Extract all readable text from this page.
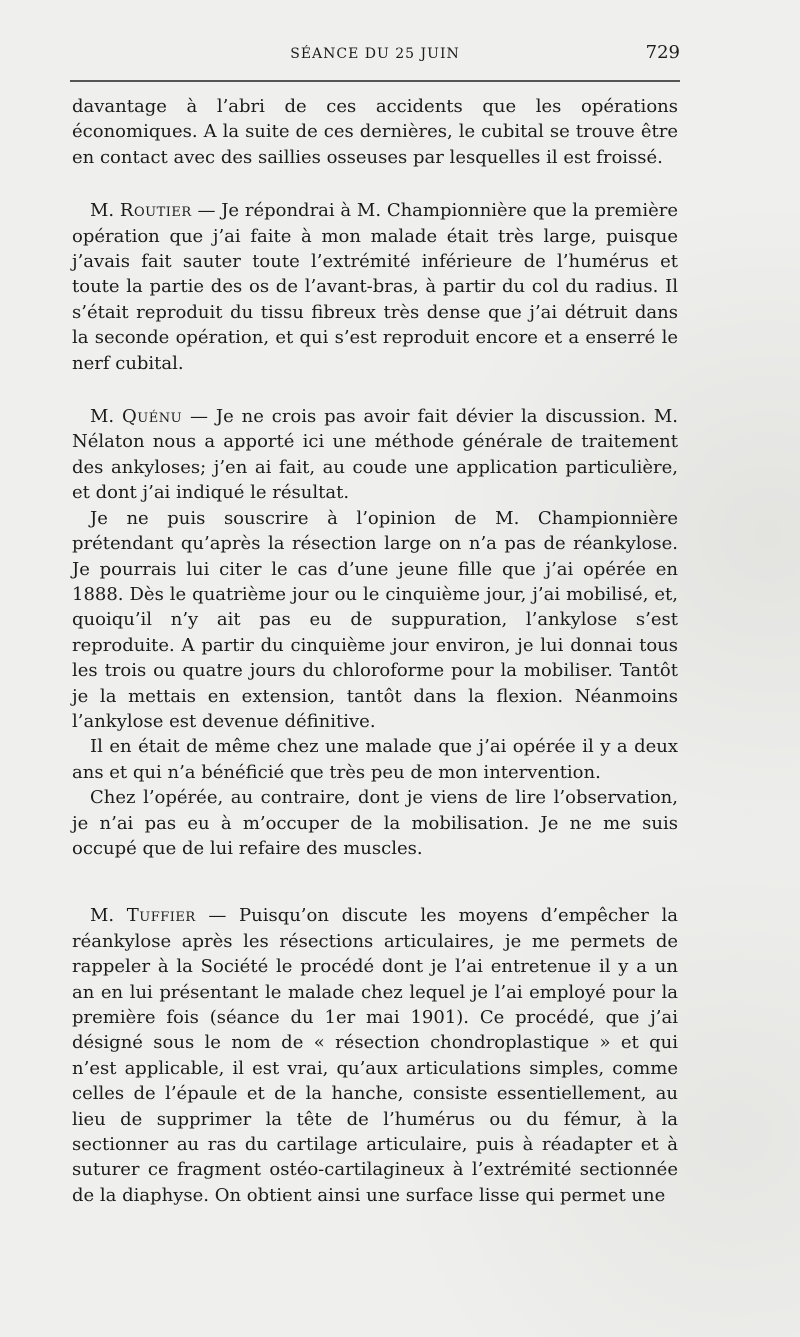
SÉANCE DU 25 JUIN	729

davantage à l’abri de ces accidents que les opérations économiques. A la suite de ces dernières, le cubital se trouve être en contact avec des saillies osseuses par lesquelles il est froissé.

M. Routier — Je répondrai à M. Championnière que la première opération que j’ai faite à mon malade était très large, puisque j’avais fait sauter toute l’extrémité inférieure de l’humérus et toute la partie des os de l’avant-bras, à partir du col du radius. Il s’était reproduit du tissu fibreux très dense que j’ai détruit dans la seconde opération, et qui s’est reproduit encore et a enserré le nerf cubital.

M. Quénu — Je ne crois pas avoir fait dévier la discussion. M. Nélaton nous a apporté ici une méthode générale de traitement des ankyloses; j’en ai fait, au coude une application particulière, et dont j’ai indiqué le résultat.

Je ne puis souscrire à l’opinion de M. Championnière prétendant qu’après la résection large on n’a pas de réankylose. Je pourrais lui citer le cas d’une jeune fille que j’ai opérée en 1888. Dès le quatrième jour ou le cinquième jour, j’ai mobilisé, et, quoiqu’il n’y ait pas eu de suppuration, l’ankylose s’est reproduite. A partir du cinquième jour environ, je lui donnai tous les trois ou quatre jours du chloroforme pour la mobiliser. Tantôt je la mettais en extension, tantôt dans la flexion. Néanmoins l’ankylose est devenue définitive.

Il en était de même chez une malade que j’ai opérée il y a deux ans et qui n’a bénéficié que très peu de mon intervention.

Chez l’opérée, au contraire, dont je viens de lire l’observation, je n’ai pas eu à m’occuper de la mobilisation. Je ne me suis occupé que de lui refaire des muscles.

M. Tuffier — Puisqu’on discute les moyens d’empêcher la réankylose après les résections articulaires, je me permets de rappeler à la Société le procédé dont je l’ai entretenue il y a un an en lui présentant le malade chez lequel je l’ai employé pour la première fois (séance du 1er mai 1901). Ce procédé, que j’ai désigné sous le nom de « résection chondroplastique » et qui n’est applicable, il est vrai, qu’aux articulations simples, comme celles de l’épaule et de la hanche, consiste essentiellement, au lieu de supprimer la tête de l’humérus ou du fémur, à la sectionner au ras du cartilage articulaire, puis à réadapter et à suturer ce fragment ostéo-cartilagineux à l’extrémité sectionnée de la diaphyse. On obtient ainsi une surface lisse qui permet une
